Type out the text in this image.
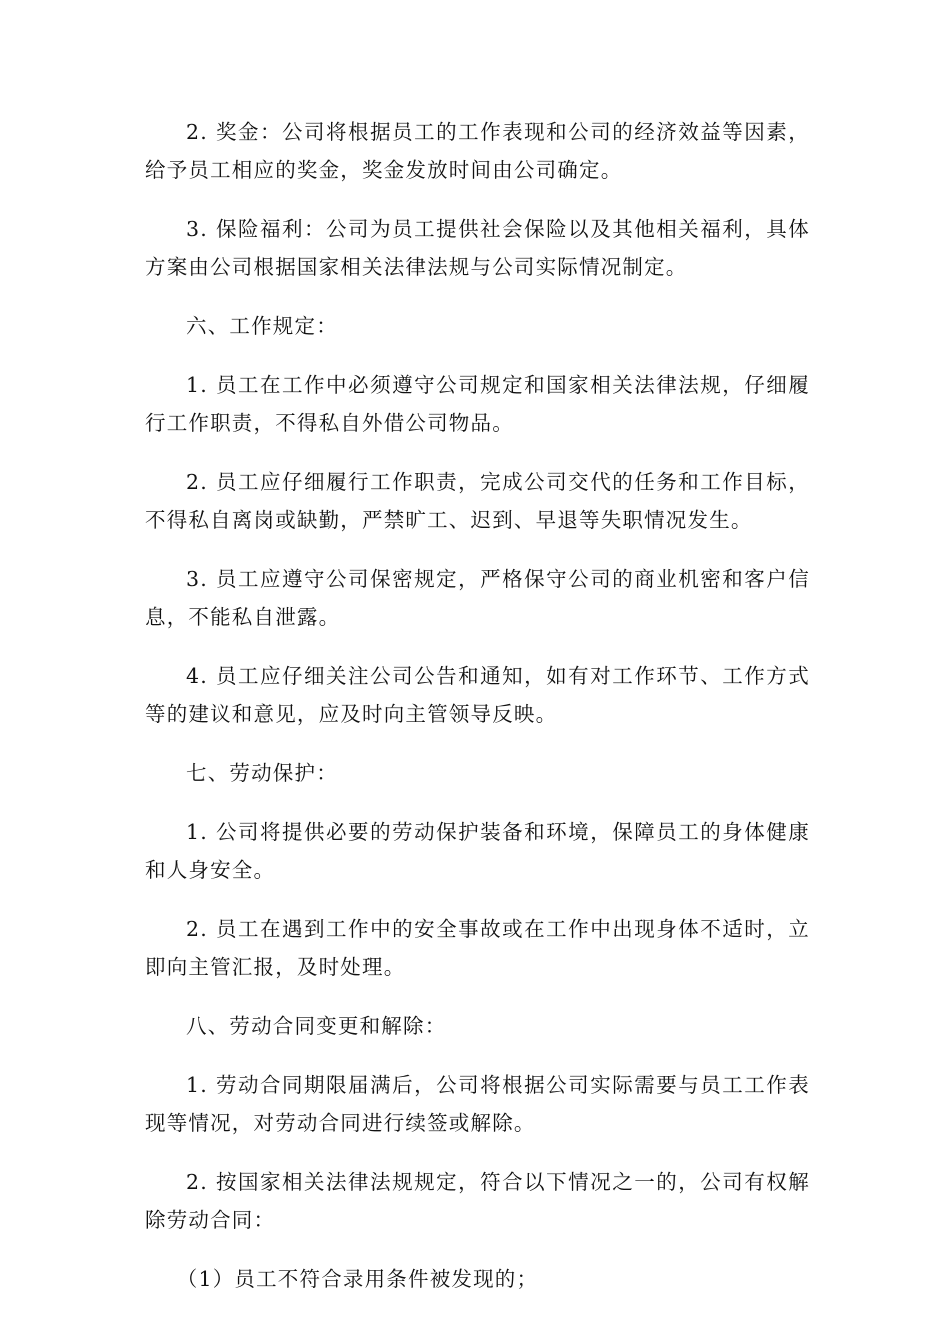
2. 奖金：公司将根据员工的工作表现和公司的经济效益等因素，给予员工相应的奖金，奖金发放时间由公司确定。

3. 保险福利：公司为员工提供社会保险以及其他相关福利，具体方案由公司根据国家相关法律法规与公司实际情况制定。

六、工作规定：

1. 员工在工作中必须遵守公司规定和国家相关法律法规，仔细履行工作职责，不得私自外借公司物品。

2. 员工应仔细履行工作职责，完成公司交代的任务和工作目标，不得私自离岗或缺勤，严禁旷工、迟到、早退等失职情况发生。

3. 员工应遵守公司保密规定，严格保守公司的商业机密和客户信息，不能私自泄露。

4. 员工应仔细关注公司公告和通知，如有对工作环节、工作方式等的建议和意见，应及时向主管领导反映。

七、劳动保护：

1. 公司将提供必要的劳动保护装备和环境，保障员工的身体健康和人身安全。

2. 员工在遇到工作中的安全事故或在工作中出现身体不适时，立即向主管汇报，及时处理。

八、劳动合同变更和解除：

1. 劳动合同期限届满后，公司将根据公司实际需要与员工工作表现等情况，对劳动合同进行续签或解除。

2. 按国家相关法律法规规定，符合以下情况之一的，公司有权解除劳动合同：

（1）员工不符合录用条件被发现的；
